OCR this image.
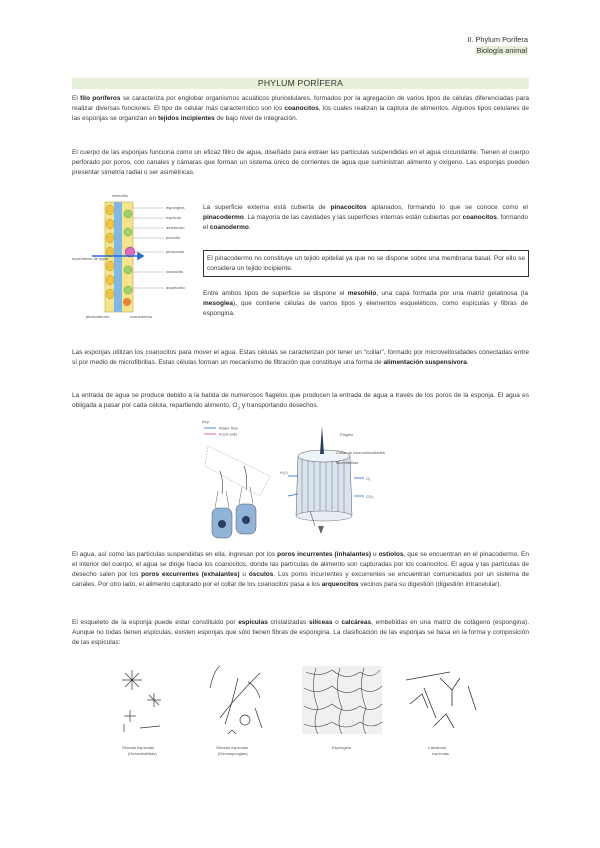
II. Phylum Porifera
Biología animal
PHYLUM PORÍFERA

El filo poríferos se caracteriza por englobar organismos acuáticos pluricelulares, formados por la agregación de varios tipos de células diferenciadas para realizar diversas funciones. El tipo de celular más característico son los coanocitos, los cuales realizan la captura de alimentos. Algunos tipos celulares de las esponjas se organizan en tejidos incipientes de bajo nivel de integración.

El cuerpo de las esponjas funciona como un eficaz filtro de agua, diseñado para extraer las partículas suspendidas en el agua circundante. Tienen el cuerpo perforado por poros, con canales y cámaras que forman un sistema único de corrientes de agua que suministran alimento y oxígeno. Las esponjas pueden presentar simetría radial o ser asimétricas.

mesohilo
espongina
espícula
amebocito
porocito
pinacocito
coanocito
arqueocito
movimiento de agua
pinacodermo	coanodermo

La superficie externa está cubierta de pinacocitos aplanados, formando lo que se conoce como el pinacodermo. La mayoría de las cavidades y las superficies internas están cubiertas por coanocitos, formando el coanodermo.

El pinacodermo no constituye un tejido epitelial ya que no se dispone sobre una membrana basal. Por ello se considera un tejido incipiente.

Entre ambos tipos de superficie se dispone el mesohilo, una capa formada por una matriz gelatinosa (la mesoglea), que contiene células de varios tipos y elementos esqueléticos, como espículas y fibras de espongina.

Las esponjas utilizan los coanocitos para mover el agua. Estas células se caracterizan por tener un “collar”, formado por microvellosidades conectadas entre sí por medio de microfibrillas. Estas células forman un mecanismo de filtración que constituye una forma de alimentación suspensívora.

La entrada de agua se produce debido a la batida de numerosos flagelos que producen la entrada de agua a través de los poros de la esponja. El agua es obligada a pasar por cada célula, repartiendo alimento, $O_2$ y transportando desechos.

Key:
Water flow
Food cells	Flagelo
Collar de microvellosidades
Microfibrillas
H₂O
O₂
CO₂

El agua, así como las partículas suspendidas en ella, ingresan por los poros incurrentes (inhalantes) u ostiolos, que se encuentran en el pinacodermo. En el interior del cuerpo, el agua se dirige hacia los coanocitos, donde las partículas de alimento son capturadas por los coanocitos. El agua y las partículas de desecho salen por los poros excurrentes (exhalantes) u ósculos. Los poros incurrentes y excurrentes se encuentran comunicados por un sistema de canales. Por otro lado, el alimento capturado por el collar de los coanocitos pasa a los arqueocitos vecinos para su digestión (digestión intracelular).

El esqueleto de la esponja puede estar constituido por espículas cristalizadas silíceas o calcáreas, embebidas en una matriz de colágeno (espongina). Aunque no todas tienen espículas, existen esponjas que sólo tienen fibras de espongina. La clasificación de las esponjas se basa en la forma y composición de las espículas:

Silíceas espículas
(Hexactinélidas)
Silíceas espículas
(Demospongiae)
Espongina	Calcáreas
espículas
